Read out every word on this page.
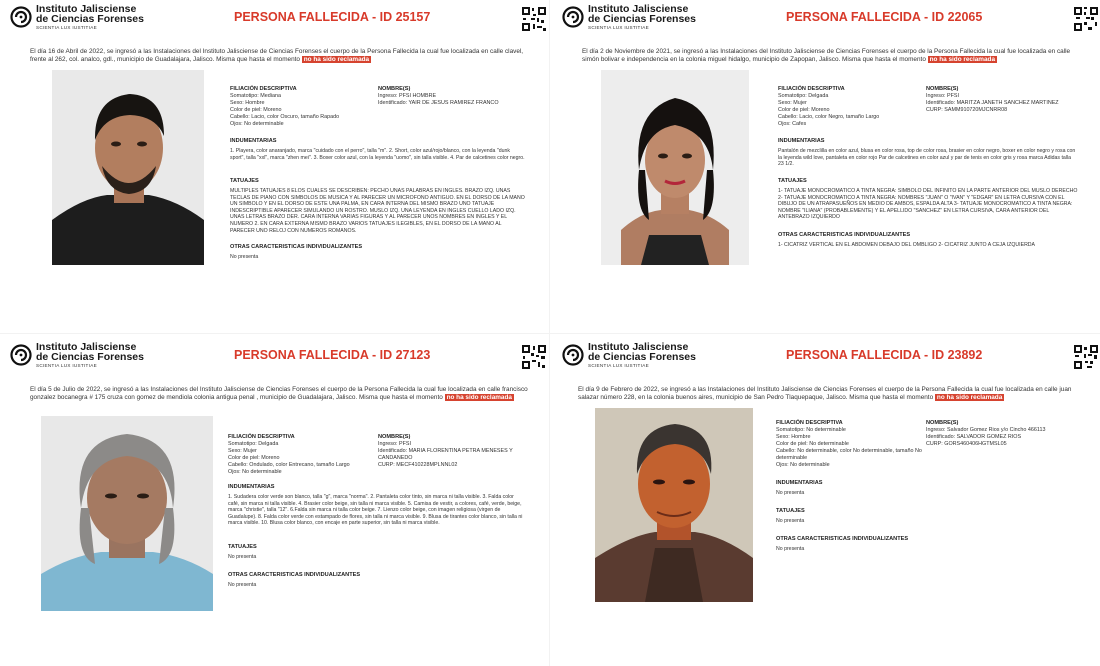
Instituto Jalisciense
de Ciencias Forenses
SCIENTIA LUX IUSTITIAE
PERSONA FALLECIDA - ID 25157
El día 16 de Abril de 2022, se ingresó a las Instalaciones del Instituto Jalisciense de Ciencias Forenses el cuerpo de la Persona Fallecida la cual fue localizada en calle clavel, frente al 262, col. analco, gdl., municipio de Guadalajara, Jalisco. Misma que hasta el momento no ha sido reclamada
FILIACIÓN DESCRIPTIVA
Somatotipo: Mediana
Sexo: Hombre
Color de piel: Moreno
Cabello: Lacio, color Oscuro, tamaño Rapado
Ojos: No determinable
NOMBRE(S)
Ingreso: PFSI HOMBRE
Identificado: YAIR DE JESUS RAMIREZ FRANCO
INDUMENTARIAS
1. Playera, color anaranjado, marca "cuidado con el perro", talla "m". 2. Short, color azul/rojo/blanco, con la leyenda "dunk sport", talla "xxl", marca "zhen mei". 3. Boxer color azul, con la leyenda "uomo", sin talla visible. 4. Par de calcetines color negro.
TATUAJES
MULTIPLES TATUAJES 8 ELOS CUALES SE DESCRIBEN: PECHO UNAS PALABRAS EN INGLES. BRAZO IZQ. UNAS TECLAS DE PIANO CON SIMBOLOS DE MUSICA Y AL PARECER UN MICROFONO ANTIGUO. EN EL DORSO DE LA MANO UN SIMBOLO Y EN EL DORSO DE ESTE UNA PALMA, EN CARA INTERNA DEL MISMO BRAZO UNO TATUAJE INDESCRIPTIBLE APARECER SIMULANDO UN ROSTRO. MUSLO IZQ. UNA LEYENDA EN INGLES CUELLO LADO IZQ. UNAS LETRAS BRAZO DER. CARA INTERNA VARIAS FIGURAS Y AL PARECER UNOS NOMBRES EN INGLES Y EL NUMERO 2. EN CARA EXTERNA MISMO BRAZO VARIOS TATUAJES ILEGIBLES, EN EL DORSO DE LA MANO AL PARECER UNO RELOJ CON NUMEROS ROMANOS.
OTRAS CARACTERISTICAS INDIVIDUALIZANTES
No presenta
Instituto Jalisciense
de Ciencias Forenses
SCIENTIA LUX IUSTITIAE
PERSONA FALLECIDA - ID 22065
El día 2 de Noviembre de 2021, se ingresó a las Instalaciones del Instituto Jalisciense de Ciencias Forenses el cuerpo de la Persona Fallecida la cual fue localizada en calle simón bolivar e independencia en la colonia miguel hidalgo, municipio de Zapopan, Jalisco. Misma que hasta el momento no ha sido reclamada
FILIACIÓN DESCRIPTIVA
Somatotipo: Delgada
Sexo: Mujer
Color de piel: Moreno
Cabello: Lacio, color Negro, tamaño Largo
Ojos: Cafes
NOMBRE(S)
Ingreso: PFSI
Identificado: MARITZA JANETH SANCHEZ MARTINEZ
CURP: SAMM910720MJCNRR08
INDUMENTARIAS
Pantalón de mezclilla en color azul, blusa en color rosa, top de color rosa, brasier en color negro, boxer en color negro y rosa con la leyenda wild love, pantaleta en color rojo Par de calcetines en color azul y par de tenis en color gris y rosa marca Adidas talla 23 1/2.
TATUAJES
1- TATUAJE MONOCROMATICO A TINTA NEGRA: SIMBOLO DEL INFINITO EN LA PARTE ANTERIOR DEL MUSLO DERECHO 2- TATUAJE MONOCROMATICO A TINTA NEGRA: NOMBRES "JUAN" O "IVAN" Y "EDGAR" EN LETRA CURSIVA CON EL DIBUJO DE UN ATRAPASUEÑOS EN MEDIO DE AMBOS, ESPALDA ALTA 3- TATUAJE MONOCROMATICO A TINTA NEGRA: NOMBRE "ILIANA" (PROBABLEMENTE) Y EL APELLIDO "SANCHEZ" EN LETRA CURSIVA, CARA ANTERIOR DEL ANTEBRAZO IZQUIERDO
OTRAS CARACTERISTICAS INDIVIDUALIZANTES
1- CICATRIZ VERTICAL EN EL ABDOMEN DEBAJO DEL OMBLIGO 2- CICATRIZ JUNTO A CEJA IZQUIERDA
Instituto Jalisciense
de Ciencias Forenses
SCIENTIA LUX IUSTITIAE
PERSONA FALLECIDA - ID 27123
El día 5 de Julio de 2022, se ingresó a las Instalaciones del Instituto Jalisciense de Ciencias Forenses el cuerpo de la Persona Fallecida la cual fue localizada en calle francisco gonzalez bocanegra # 175 cruza con gomez de mendiola colonia antigua penal , municipio de Guadalajara, Jalisco. Misma que hasta el momento no ha sido reclamada
FILIACIÓN DESCRIPTIVA
Somatotipo: Delgada
Sexo: Mujer
Color de piel: Moreno
Cabello: Ondulado, color Entrecano, tamaño Largo
Ojos: No determinable
NOMBRE(S)
Ingreso: PFSI
Identificado: MARIA FLORENTINA PETRA MENESES Y CANDANEDO
CURP: MECF410228MPLNNL02
INDUMENTARIAS
1. Sudadera color verde son blanco, talla "g", marca "norma". 2. Pantaleta color tinto, sin marca ni talla visible. 3. Falda color café, sin marca ni talla visible. 4. Brasier color beige, sin talla ni marca visible. 5. Camisa de vestir, a colores, café, verde, beige, marca "christie", talla "12". 6.Falda sin marca ni talla color beige. 7. Lienzo color beige, con imagen religiosa (virgen de Guadalupe). 8. Falda color verde con estampado de flores, sin talla ni marca visible. 9. Blusa de tirantes color blanco, sin talla ni marca visible. 10. Blusa color blanco, con encaje en parte superior, sin talla ni marca visible.
TATUAJES
No presenta
OTRAS CARACTERISTICAS INDIVIDUALIZANTES
No presenta
Instituto Jalisciense
de Ciencias Forenses
SCIENTIA LUX IUSTITIAE
PERSONA FALLECIDA - ID 23892
El día 9 de Febrero de 2022, se ingresó a las Instalaciones del Instituto Jalisciense de Ciencias Forenses el cuerpo de la Persona Fallecida la cual fue localizada en calle juan salazar número 228, en la colonia buenos aires, municipio de San Pedro Tlaquepaque, Jalisco. Misma que hasta el momento no ha sido reclamada
FILIACIÓN DESCRIPTIVA
Somatotipo: No determinable
Sexo: Hombre
Color de piel: No determinable
Cabello: No determinable, color No determinable, tamaño No determinable
Ojos: No determinable
NOMBRE(S)
Ingreso: Salvador Gomez Rios y/o Cincho 466113
Identificado: SALVADOR GOMEZ RIOS
CURP: GORS460406HGTMSL05
INDUMENTARIAS
No presenta
TATUAJES
No presenta
OTRAS CARACTERISTICAS INDIVIDUALIZANTES
No presenta
